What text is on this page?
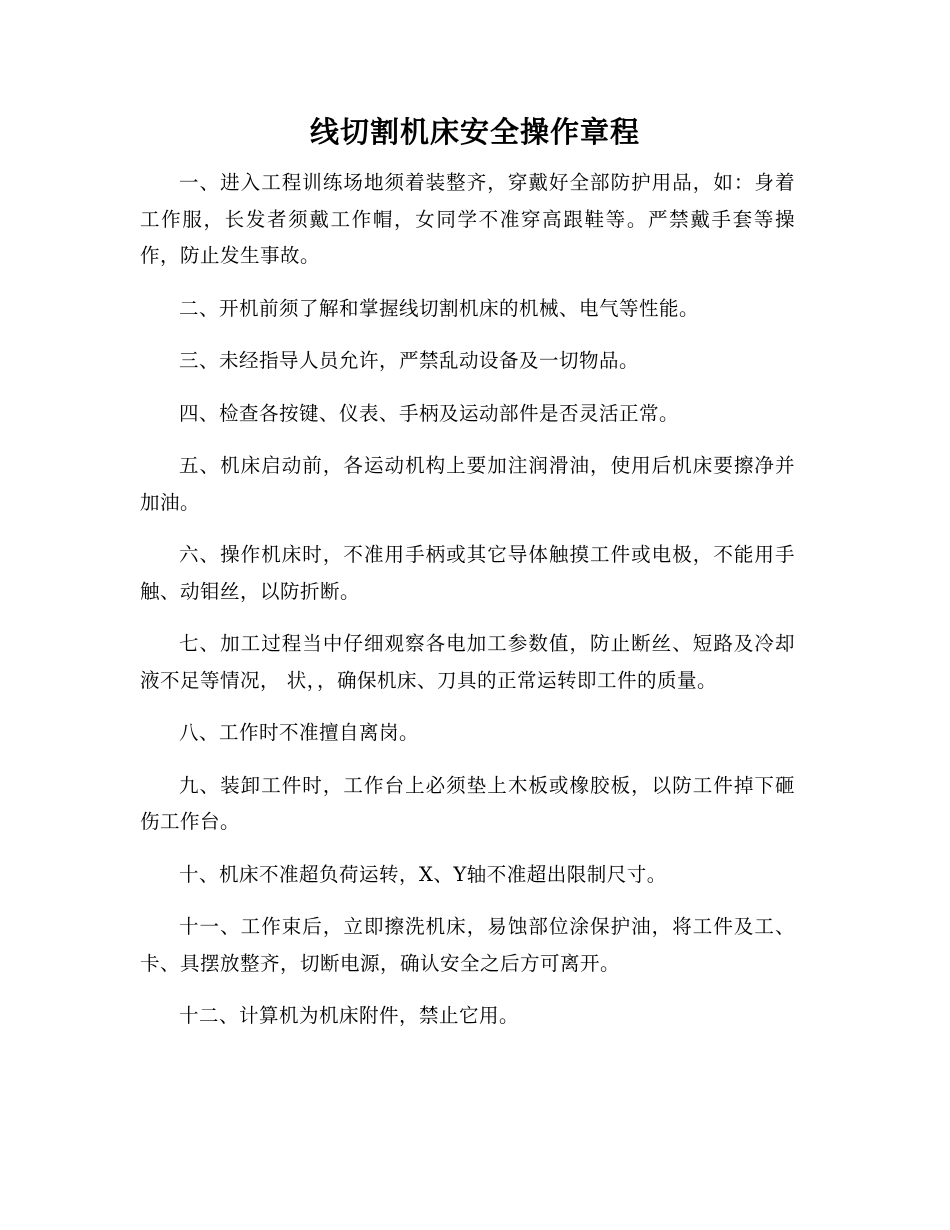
线切割机床安全操作章程

一、进入工程训练场地须着装整齐，穿戴好全部防护用品，如：身着工作服，长发者须戴工作帽，女同学不准穿高跟鞋等。严禁戴手套等操作，防止发生事故。

二、开机前须了解和掌握线切割机床的机械、电气等性能。

三、未经指导人员允许，严禁乱动设备及一切物品。

四、检查各按键、仪表、手柄及运动部件是否灵活正常。

五、机床启动前，各运动机构上要加注润滑油，使用后机床要擦净并加油。

六、操作机床时，不准用手柄或其它导体触摸工件或电极，不能用手触、动钼丝，以防折断。

七、加工过程当中仔细观察各电加工参数值，防止断丝、短路及冷却液不足等情况， 状，，确保机床、刀具的正常运转即工件的质量。

八、工作时不准擅自离岗。

九、装卸工件时，工作台上必须垫上木板或橡胶板，以防工件掉下砸伤工作台。

十、机床不准超负荷运转，X、Y轴不准超出限制尺寸。

十一、工作束后，立即擦洗机床，易蚀部位涂保护油，将工件及工、卡、具摆放整齐，切断电源，确认安全之后方可离开。

十二、计算机为机床附件，禁止它用。
